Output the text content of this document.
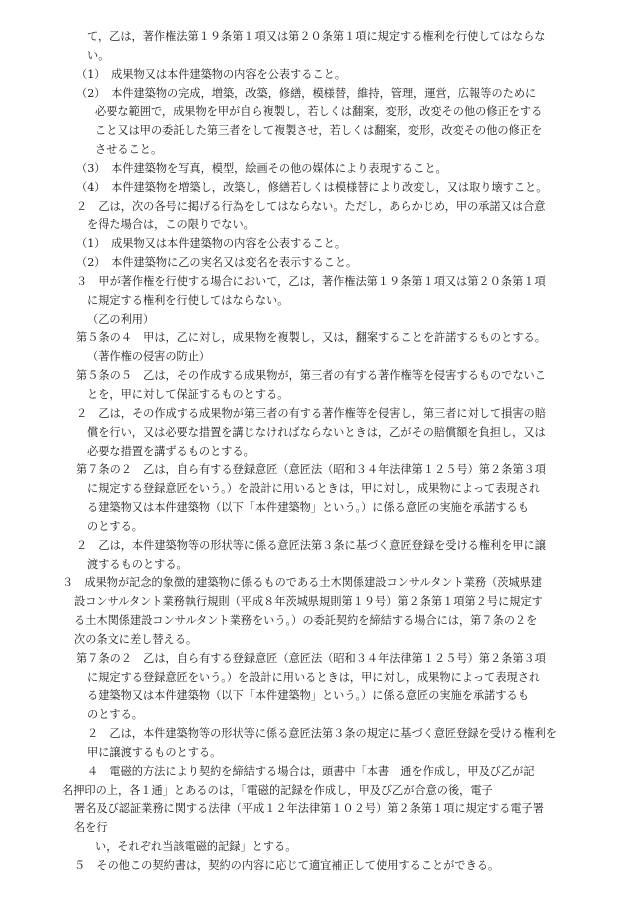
て，乙は，著作権法第１９条第１項又は第２０条第１項に規定する権利を行使してはならな
い。
（1）　成果物又は本件建築物の内容を公表すること。
（2）　本件建築物の完成，増築，改築，修繕，模様替，維持，管理，運営，広報等のために
必要な範囲で，成果物を甲が自ら複製し，若しくは翻案，変形，改変その他の修正をする
こと又は甲の委託した第三者をして複製させ，若しくは翻案，変形，改変その他の修正を
させること。
（3）　本件建築物を写真，模型，絵画その他の媒体により表現すること。
（4）　本件建築物を増築し，改築し，修繕若しくは模様替により改変し，又は取り壊すこと。
２　乙は，次の各号に掲げる行為をしてはならない。ただし，あらかじめ，甲の承諾又は合意
を得た場合は，この限りでない。
（1）　成果物又は本件建築物の内容を公表すること。
（2）　本件建築物に乙の実名又は変名を表示すること。
３　甲が著作権を行使する場合において，乙は，著作権法第１９条第１項又は第２０条第１項
に規定する権利を行使してはならない。
（乙の利用）
第５条の４　甲は，乙に対し，成果物を複製し，又は，翻案することを許諾するものとする。
（著作権の侵害の防止）
第５条の５　乙は，その作成する成果物が，第三者の有する著作権等を侵害するものでないこ
とを，甲に対して保証するものとする。
２　乙は，その作成する成果物が第三者の有する著作権等を侵害し，第三者に対して損害の賠
償を行い，又は必要な措置を講じなければならないときは，乙がその賠償額を負担し，又は
必要な措置を講ずるものとする。
第７条の２　乙は，自ら有する登録意匠（意匠法（昭和３４年法律第１２５号）第２条第３項
に規定する登録意匠をいう。）を設計に用いるときは，甲に対し，成果物によって表現され
る建築物又は本件建築物（以下「本件建築物」という。）に係る意匠の実施を承諾するも
のとする。
２　乙は，本件建築物等の形状等に係る意匠法第３条に基づく意匠登録を受ける権利を甲に譲
渡するものとする。
３　成果物が記念的象徴的建築物に係るものである土木関係建設コンサルタント業務（茨城県建
設コンサルタント業務執行規則（平成８年茨城県規則第１９号）第２条第１項第２号に規定す
る土木関係建設コンサルタント業務をいう。）の委託契約を締結する場合には，第７条の２を
次の条文に差し替える。
第７条の２　乙は，自ら有する登録意匠（意匠法（昭和３４年法律第１２５号）第２条第３項
に規定する登録意匠をいう。）を設計に用いるときは，甲に対し，成果物によって表現され
る建築物又は本件建築物（以下「本件建築物」という。）に係る意匠の実施を承諾するも
のとする。
２　乙は，本件建築物等の形状等に係る意匠法第３条の規定に基づく意匠登録を受ける権利を
甲に譲渡するものとする。
４　電磁的方法により契約を締結する場合は，頭書中「本書　通を作成し，甲及び乙が記
名押印の上，各１通」とあるのは，「電磁的記録を作成し，甲及び乙が合意の後，電子
署名及び認証業務に関する法律（平成１２年法律第１０２号）第２条第１項に規定する電子署
名を行
い，それぞれ当該電磁的記録」とする。
５　その他この契約書は，契約の内容に応じて適宜補正して使用することができる。
